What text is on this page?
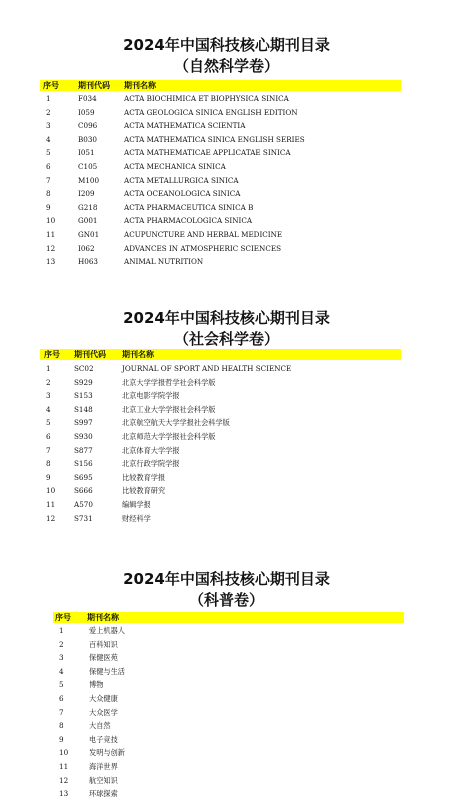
2024年中国科技核心期刊目录
（自然科学卷）
序号 期刊代码 期刊名称
1	F034	ACTA BIOCHIMICA ET BIOPHYSICA SINICA
2	I059	ACTA GEOLOGICA SINICA ENGLISH EDITION
3	C096	ACTA MATHEMATICA SCIENTIA
4	B030	ACTA MATHEMATICA SINICA ENGLISH SERIES
5	I051	ACTA MATHEMATICAE APPLICATAE SINICA
6	C105	ACTA MECHANICA SINICA
7	M100	ACTA METALLURGICA SINICA
8	I209	ACTA OCEANOLOGICA SINICA
9	G218	ACTA PHARMACEUTICA SINICA B
10	G001	ACTA PHARMACOLOGICA SINICA
11	GN01	ACUPUNCTURE AND HERBAL MEDICINE
12	I062	ADVANCES IN ATMOSPHERIC SCIENCES
13	H063	ANIMAL NUTRITION
2024年中国科技核心期刊目录
（社会科学卷）
序号 期刊代码 期刊名称
1	SC02	JOURNAL OF SPORT AND HEALTH SCIENCE
2	S929	北京大学学报哲学社会科学版
3	S153	北京电影学院学报
4	S148	北京工业大学学报社会科学版
5	S997	北京航空航天大学学报社会科学版
6	S930	北京师范大学学报社会科学版
7	S877	北京体育大学学报
8	S156	北京行政学院学报
9	S695	比较教育学报
10	S666	比较教育研究
11	A570	编辑学报
12	S731	财经科学
2024年中国科技核心期刊目录
（科普卷）
序号 期刊名称
1	爱上机器人
2	百科知识
3	保健医苑
4	保健与生活
5	博物
6	大众健康
7	大众医学
8	大自然
9	电子竞技
10	发明与创新
11	海洋世界
12	航空知识
13	环球探索
